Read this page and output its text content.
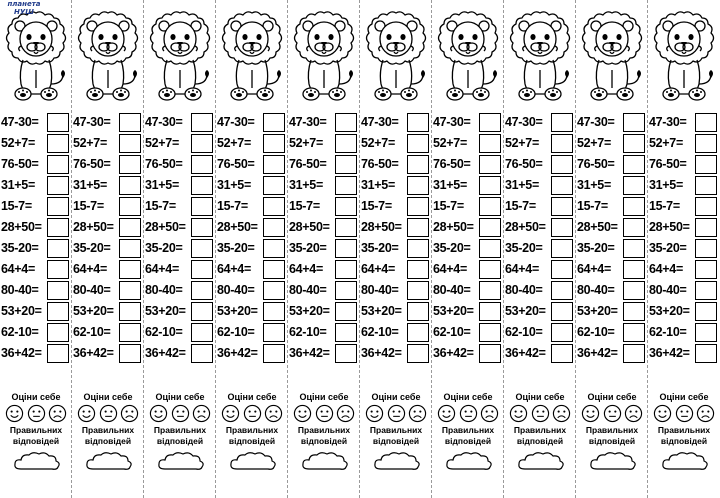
планета
НУШ
47-30=
52+7=
76-50=
31+5=
15-7=
28+50=
35-20=
64+4=
80-40=
53+20=
62-10=
36+42=
Оціни себе
Правильних
відповідей
47-30=
52+7=
76-50=
31+5=
15-7=
28+50=
35-20=
64+4=
80-40=
53+20=
62-10=
36+42=
Оціни себе
Правильних
відповідей
47-30=
52+7=
76-50=
31+5=
15-7=
28+50=
35-20=
64+4=
80-40=
53+20=
62-10=
36+42=
Оціни себе
Правильних
відповідей
47-30=
52+7=
76-50=
31+5=
15-7=
28+50=
35-20=
64+4=
80-40=
53+20=
62-10=
36+42=
Оціни себе
Правильних
відповідей
47-30=
52+7=
76-50=
31+5=
15-7=
28+50=
35-20=
64+4=
80-40=
53+20=
62-10=
36+42=
Оціни себе
Правильних
відповідей
47-30=
52+7=
76-50=
31+5=
15-7=
28+50=
35-20=
64+4=
80-40=
53+20=
62-10=
36+42=
Оціни себе
Правильних
відповідей
47-30=
52+7=
76-50=
31+5=
15-7=
28+50=
35-20=
64+4=
80-40=
53+20=
62-10=
36+42=
Оціни себе
Правильних
відповідей
47-30=
52+7=
76-50=
31+5=
15-7=
28+50=
35-20=
64+4=
80-40=
53+20=
62-10=
36+42=
Оціни себе
Правильних
відповідей
47-30=
52+7=
76-50=
31+5=
15-7=
28+50=
35-20=
64+4=
80-40=
53+20=
62-10=
36+42=
Оціни себе
Правильних
відповідей
47-30=
52+7=
76-50=
31+5=
15-7=
28+50=
35-20=
64+4=
80-40=
53+20=
62-10=
36+42=
Оціни себе
Правильних
відповідей
